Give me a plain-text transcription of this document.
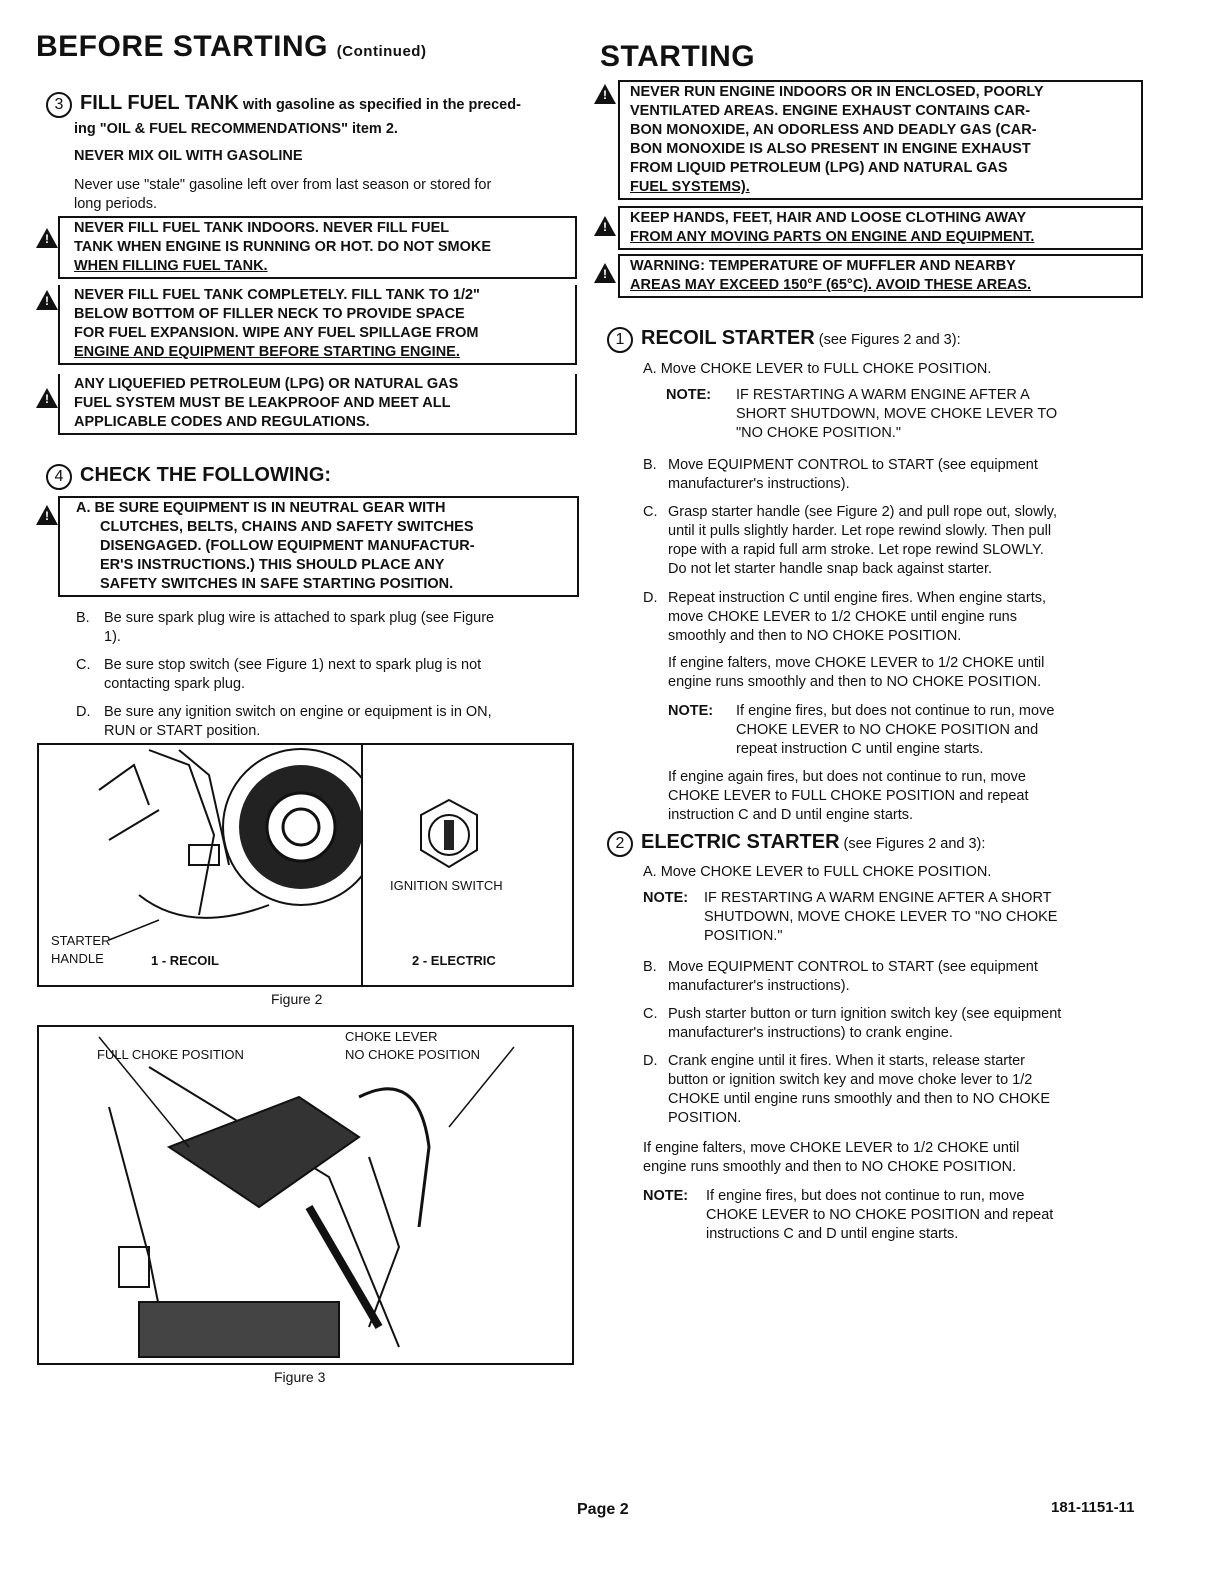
BEFORE STARTING (Continued)
3 FILL FUEL TANK with gasoline as specified in the preced-
ing "OIL & FUEL RECOMMENDATIONS" item 2.
NEVER MIX OIL WITH GASOLINE
Never use "stale" gasoline left over from last season or stored for
long periods.
!
NEVER FILL FUEL TANK INDOORS. NEVER FILL FUEL
TANK WHEN ENGINE IS RUNNING OR HOT. DO NOT SMOKE
WHEN FILLING FUEL TANK.
!
NEVER FILL FUEL TANK COMPLETELY. FILL TANK TO 1/2"
BELOW BOTTOM OF FILLER NECK TO PROVIDE SPACE
FOR FUEL EXPANSION. WIPE ANY FUEL SPILLAGE FROM
ENGINE AND EQUIPMENT BEFORE STARTING ENGINE.
!
ANY LIQUEFIED PETROLEUM (LPG) OR NATURAL GAS
FUEL SYSTEM MUST BE LEAKPROOF AND MEET ALL
APPLICABLE CODES AND REGULATIONS.
4 CHECK THE FOLLOWING:
!
A. BE SURE EQUIPMENT IS IN NEUTRAL GEAR WITH
CLUTCHES, BELTS, CHAINS AND SAFETY SWITCHES
DISENGAGED. (FOLLOW EQUIPMENT MANUFACTUR-
ER'S INSTRUCTIONS.) THIS SHOULD PLACE ANY
SAFETY SWITCHES IN SAFE STARTING POSITION.
B. Be sure spark plug wire is attached to spark plug (see Figure
1).
C. Be sure stop switch (see Figure 1) next to spark plug is not
contacting spark plug.
D. Be sure any ignition switch on engine or equipment is in ON,
RUN or START position.
STARTER
HANDLE	1 - RECOIL
IGNITION SWITCH
2 - ELECTRIC
Figure 2
CHOKE LEVER
FULL CHOKE POSITION	NO CHOKE POSITION
Figure 3
STARTING
!
NEVER RUN ENGINE INDOORS OR IN ENCLOSED, POORLY
VENTILATED AREAS. ENGINE EXHAUST CONTAINS CAR-
BON MONOXIDE, AN ODORLESS AND DEADLY GAS (CAR-
BON MONOXIDE IS ALSO PRESENT IN ENGINE EXHAUST
FROM LIQUID PETROLEUM (LPG) AND NATURAL GAS
FUEL SYSTEMS).
!
KEEP HANDS, FEET, HAIR AND LOOSE CLOTHING AWAY
FROM ANY MOVING PARTS ON ENGINE AND EQUIPMENT.
!
WARNING: TEMPERATURE OF MUFFLER AND NEARBY
AREAS MAY EXCEED 150°F (65°C). AVOID THESE AREAS.
1 RECOIL STARTER (see Figures 2 and 3):
A. Move CHOKE LEVER to FULL CHOKE POSITION.
NOTE: IF RESTARTING A WARM ENGINE AFTER A
SHORT SHUTDOWN, MOVE CHOKE LEVER TO
"NO CHOKE POSITION."
B. Move EQUIPMENT CONTROL to START (see equipment
manufacturer's instructions).
C. Grasp starter handle (see Figure 2) and pull rope out, slowly,
until it pulls slightly harder. Let rope rewind slowly. Then pull
rope with a rapid full arm stroke. Let rope rewind SLOWLY.
Do not let starter handle snap back against starter.
D. Repeat instruction C until engine fires. When engine starts,
move CHOKE LEVER to 1/2 CHOKE until engine runs
smoothly and then to NO CHOKE POSITION.
If engine falters, move CHOKE LEVER to 1/2 CHOKE until
engine runs smoothly and then to NO CHOKE POSITION.
NOTE: If engine fires, but does not continue to run, move
CHOKE LEVER to NO CHOKE POSITION and
repeat instruction C until engine starts.
If engine again fires, but does not continue to run, move
CHOKE LEVER to FULL CHOKE POSITION and repeat
instruction C and D until engine starts.
2 ELECTRIC STARTER (see Figures 2 and 3):
A. Move CHOKE LEVER to FULL CHOKE POSITION.
NOTE: IF RESTARTING A WARM ENGINE AFTER A SHORT
SHUTDOWN, MOVE CHOKE LEVER TO "NO CHOKE
POSITION."
B. Move EQUIPMENT CONTROL to START (see equipment
manufacturer's instructions).
C. Push starter button or turn ignition switch key (see equipment
manufacturer's instructions) to crank engine.
D. Crank engine until it fires. When it starts, release starter
button or ignition switch key and move choke lever to 1/2
CHOKE until engine runs smoothly and then to NO CHOKE
POSITION.
If engine falters, move CHOKE LEVER to 1/2 CHOKE until
engine runs smoothly and then to NO CHOKE POSITION.
NOTE: If engine fires, but does not continue to run, move
CHOKE LEVER to NO CHOKE POSITION and repeat
instructions C and D until engine starts.
Page 2	181-1151-11
